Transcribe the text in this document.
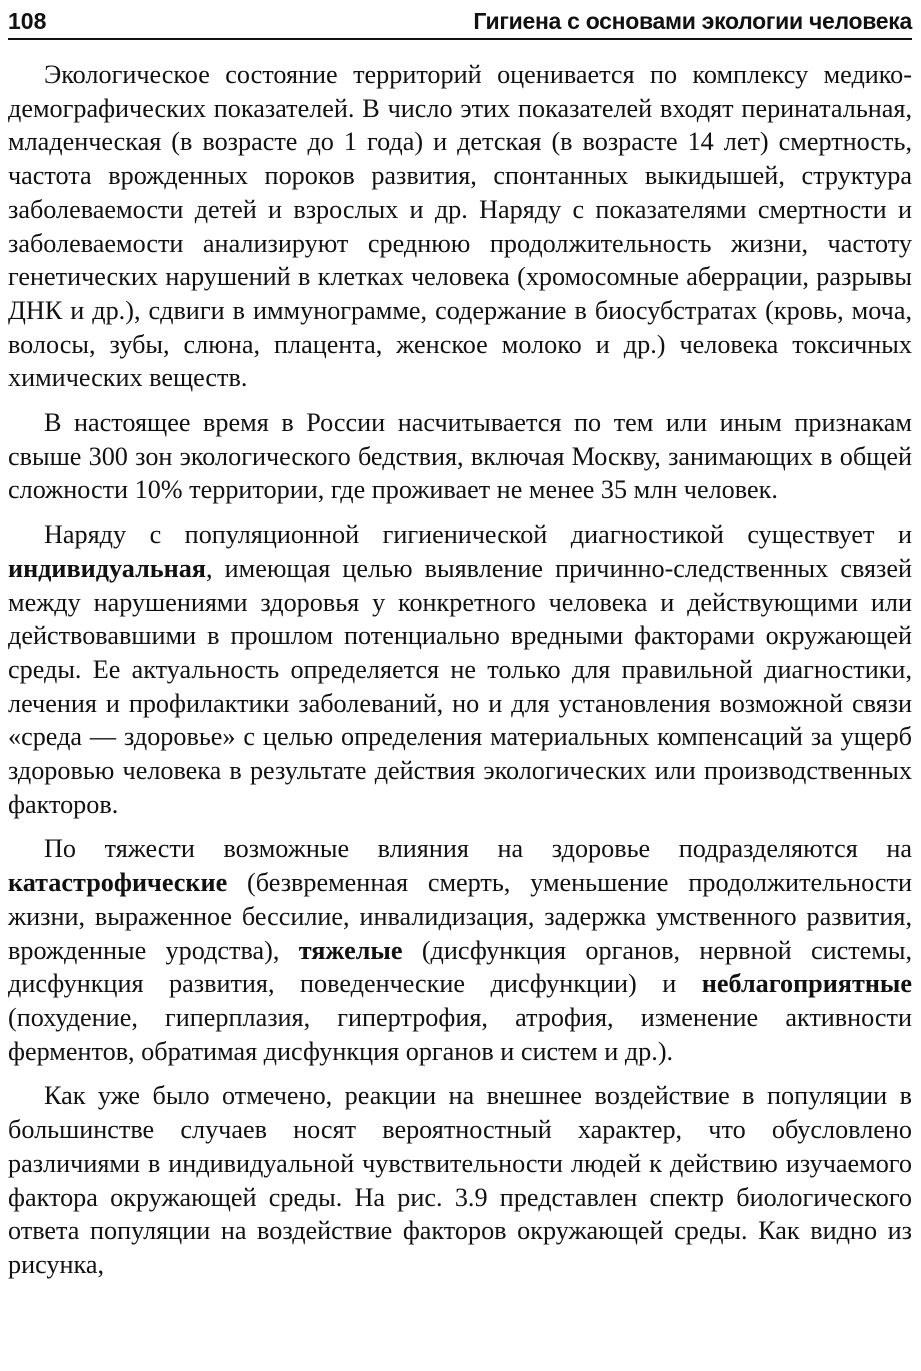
108	Гигиена с основами экологии человека

Экологическое состояние территорий оценивается по комплексу медико-демографических показателей. В число этих показателей входят перинатальная, младенческая (в возрасте до 1 года) и детская (в возрасте 14 лет) смертность, частота врожденных пороков развития, спонтанных выкидышей, структура заболеваемости детей и взрослых и др. Наряду с показателями смертности и заболеваемости анализируют среднюю продолжительность жизни, частоту генетических нарушений в клетках человека (хромосомные аберрации, разрывы ДНК и др.), сдвиги в иммунограмме, содержание в биосубстратах (кровь, моча, волосы, зубы, слюна, плацента, женское молоко и др.) человека токсичных химических веществ.

В настоящее время в России насчитывается по тем или иным признакам свыше 300 зон экологического бедствия, включая Москву, занимающих в общей сложности 10% территории, где проживает не менее 35 млн человек.

Наряду с популяционной гигиенической диагностикой существует и индивидуальная, имеющая целью выявление причинно-следственных связей между нарушениями здоровья у конкретного человека и действующими или действовавшими в прошлом потенциально вредными факторами окружающей среды. Ее актуальность определяется не только для правильной диагностики, лечения и профилактики заболеваний, но и для установления возможной связи «среда — здоровье» с целью определения материальных компенсаций за ущерб здоровью человека в результате действия экологических или производственных факторов.

По тяжести возможные влияния на здоровье подразделяются на катастрофические (безвременная смерть, уменьшение продолжительности жизни, выраженное бессилие, инвалидизация, задержка умственного развития, врожденные уродства), тяжелые (дисфункция органов, нервной системы, дисфункция развития, поведенческие дисфункции) и неблагоприятные (похудение, гиперплазия, гипертрофия, атрофия, изменение активности ферментов, обратимая дисфункция органов и систем и др.).

Как уже было отмечено, реакции на внешнее воздействие в популяции в большинстве случаев носят вероятностный характер, что обусловлено различиями в индивидуальной чувствительности людей к действию изучаемого фактора окружающей среды. На рис. 3.9 представлен спектр биологического ответа популяции на воздействие факторов окружающей среды. Как видно из рисунка,
